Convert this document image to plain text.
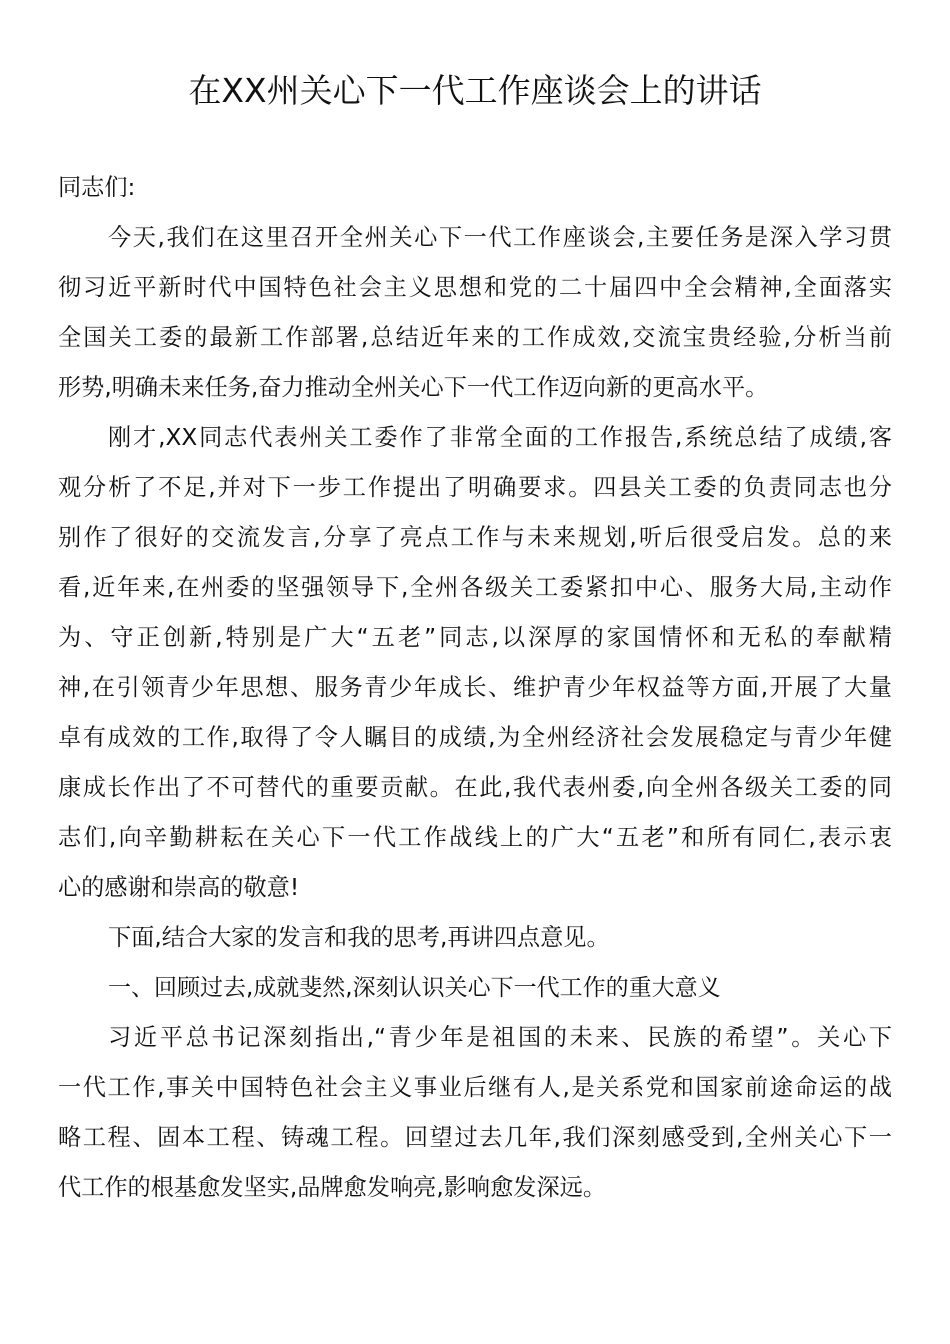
在XX州关心下一代工作座谈会上的讲话
同志们:
今天,我们在这里召开全州关心下一代工作座谈会,主要任务是深入学习贯
彻习近平新时代中国特色社会主义思想和党的二十届四中全会精神,全面落实
全国关工委的最新工作部署,总结近年来的工作成效,交流宝贵经验,分析当前
形势,明确未来任务,奋力推动全州关心下一代工作迈向新的更高水平。
刚才,XX同志代表州关工委作了非常全面的工作报告,系统总结了成绩,客
观分析了不足,并对下一步工作提出了明确要求。四县关工委的负责同志也分
别作了很好的交流发言,分享了亮点工作与未来规划,听后很受启发。总的来
看,近年来,在州委的坚强领导下,全州各级关工委紧扣中心、服务大局,主动作
为、守正创新,特别是广大“五老”同志,以深厚的家国情怀和无私的奉献精
神,在引领青少年思想、服务青少年成长、维护青少年权益等方面,开展了大量
卓有成效的工作,取得了令人瞩目的成绩,为全州经济社会发展稳定与青少年健
康成长作出了不可替代的重要贡献。在此,我代表州委,向全州各级关工委的同
志们,向辛勤耕耘在关心下一代工作战线上的广大“五老”和所有同仁,表示衷
心的感谢和崇高的敬意!
下面,结合大家的发言和我的思考,再讲四点意见。
一、回顾过去,成就斐然,深刻认识关心下一代工作的重大意义
习近平总书记深刻指出,“青少年是祖国的未来、民族的希望”。关心下
一代工作,事关中国特色社会主义事业后继有人,是关系党和国家前途命运的战
略工程、固本工程、铸魂工程。回望过去几年,我们深刻感受到,全州关心下一
代工作的根基愈发坚实,品牌愈发响亮,影响愈发深远。
